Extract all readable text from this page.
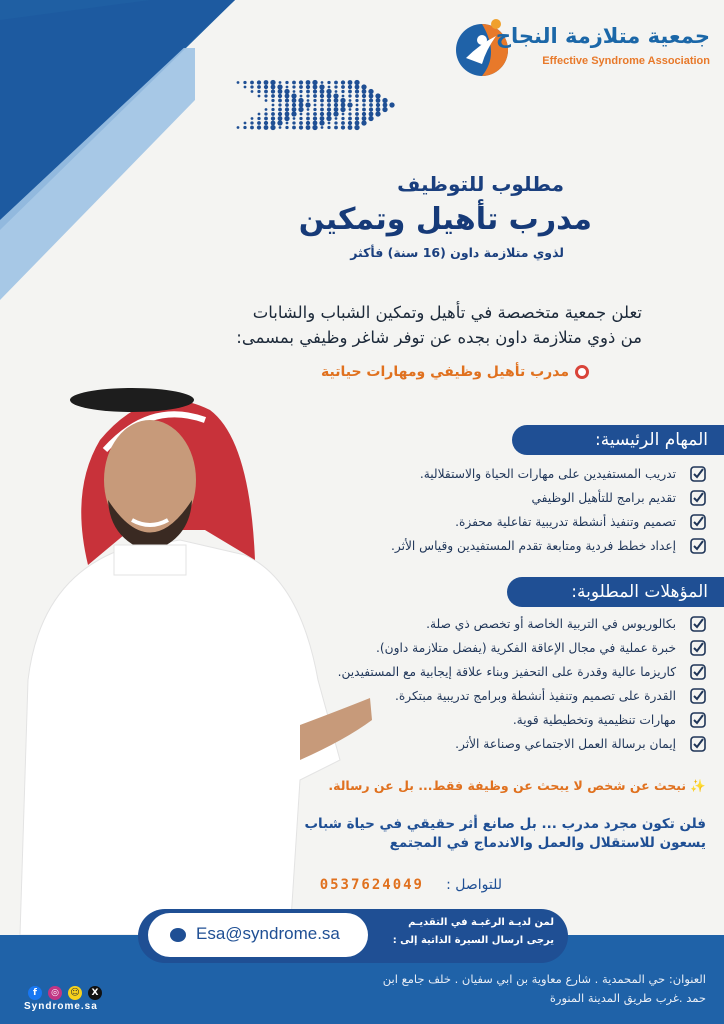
جمعية متلازمة النجاح
Effective Syndrome Association
مطلوب للتوظيف
مدرب تأهيل وتمكين
لذوي متلازمة داون (16 سنة) فأكثر
تعلن جمعية متخصصة في تأهيل وتمكين الشباب والشابات
من ذوي متلازمة داون بجده عن توفر شاغر وظيفي بمسمى:
مدرب تأهيل وظيفي ومهارات حياتية
المهام الرئيسية:
تدريب المستفيدين على مهارات الحياة والاستقلالية.
تقديم برامج للتأهيل الوظيفي
تصميم وتنفيذ أنشطة تدريبية تفاعلية محفزة.
إعداد خطط فردية ومتابعة تقدم المستفيدين وقياس الأثر.
المؤهلات المطلوبة:
بكالوريوس في التربية الخاصة أو تخصص ذي صلة.
خبرة عملية في مجال الإعاقة الفكرية (يفضل متلازمة داون).
كاريزما عالية وقدرة على التحفيز وبناء علاقة إيجابية مع المستفيدين.
القدرة على تصميم وتنفيذ أنشطة وبرامج تدريبية مبتكرة.
مهارات تنظيمية وتخطيطية قوية.
إيمان برسالة العمل الاجتماعي وصناعة الأثر.
✨ نبحث عن شخص لا يبحث عن وظيفة فقط... بل عن رسالة.
فلن تكون مجرد مدرب ... بل صانع أثر حقيقي في حياة شباب
يسعون للاستقلال والعمل والاندماج في المجتمع
للتواصل :
0537624049
Esa@syndrome.sa
لمن لديـة الرغبـة في التقديـم
يرجى ارسال السيرة الذاتية إلى :
العنوان: حي المحمدية . شارع معاوية بن ابي سفيان . خلف جامع ابن
حمد .غرب طريق المدينة المنورة
f ◎ ☺ X
Syndrome.sa
